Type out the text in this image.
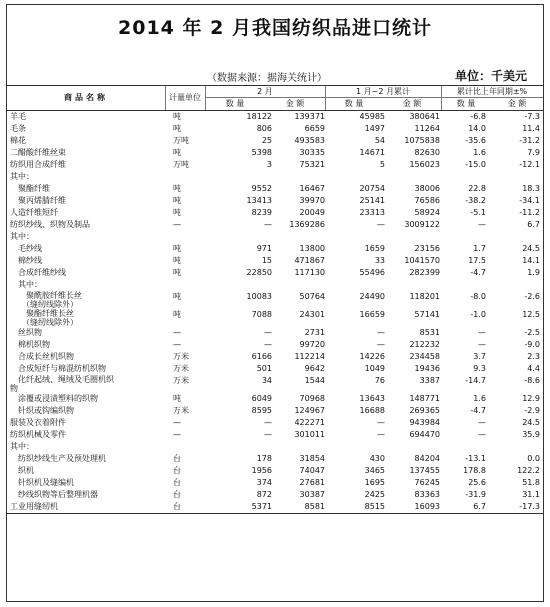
2014 年 2 月我国纺织品进口统计
（数据来源：据海关统计）	单位：千美元
商品名称	计量单位
2 月	1 月~2 月累计	累计比上年同期±%
数 量	金 额	数 量	金 额	数 量	金 额
羊毛	吨	18122	139371	45985	380641	-6.8	-7.3
毛条	吨	806	6659	1497	11264	14.0	11.4
棉花	万吨	25	493583	54	1075838	-35.6	-31.2
二醋酸纤维丝束	吨	5398	30335	14671	82630	1.6	7.9
纺织用合成纤维	万吨	3	75321	5	156023	-15.0	-12.1
其中：
　聚酯纤维	吨	9552	16467	20754	38006	22.8	18.3
　聚丙烯腈纤维	吨	13413	39970	25141	76586	-38.2	-34.1
人造纤维短纤	吨	8239	20049	23313	58924	-5.1	-11.2
纺织纱线、织物及制品	—	—	1369286	—	3009122	—	6.7
其中：
　毛纱线	吨	971	13800	1659	23156	1.7	24.5
　棉纱线	吨	15	471867	33	1041570	17.5	14.1
　合成纤维纱线	吨	22850	117130	55496	282399	-4.7	1.9
　其中：
　　聚酰胺纤维长丝
　　（缝纫线除外）
吨	10083	50764	24490	118201	-8.0	-2.6
　　聚酯纤维长丝
　　（缝纫线除外）
吨	7088	24301	16659	57141	-1.0	12.5
　丝织物	—	—	2731	—	8531	—	-2.5
　棉机织物	—	—	99720	—	212232	—	-9.0
　合成长丝机织物	万米	6166	112214	14226	234458	3.7	2.3
　合成短纤与棉混纺机织物	万米	501	9642	1049	19436	9.3	4.4
　化纤起绒、绳绒及毛圈机织
物
万米	34	1544	76	3387	-14.7	-8.6
　涂覆或浸渍塑料的织物	吨	6049	70968	13643	148771	1.6	12.9
　针织或钩编织物	万米	8595	124967	16688	269365	-4.7	-2.9
服装及衣着附件	—	—	422271	—	943984	—	24.5
纺织机械及零件	—	—	301011	—	694470	—	35.9
其中：
　纺织纱线生产及预处理机	台	178	31854	430	84204	-13.1	0.0
　织机	台	1956	74047	3465	137455	178.8	122.2
　针织机及缝编机	台	374	27681	1695	76245	25.6	51.8
　纱线织物等后整理机器	台	872	30387	2425	83363	-31.9	31.1
工业用缝纫机	台	5371	8581	8515	16093	6.7	-17.3
